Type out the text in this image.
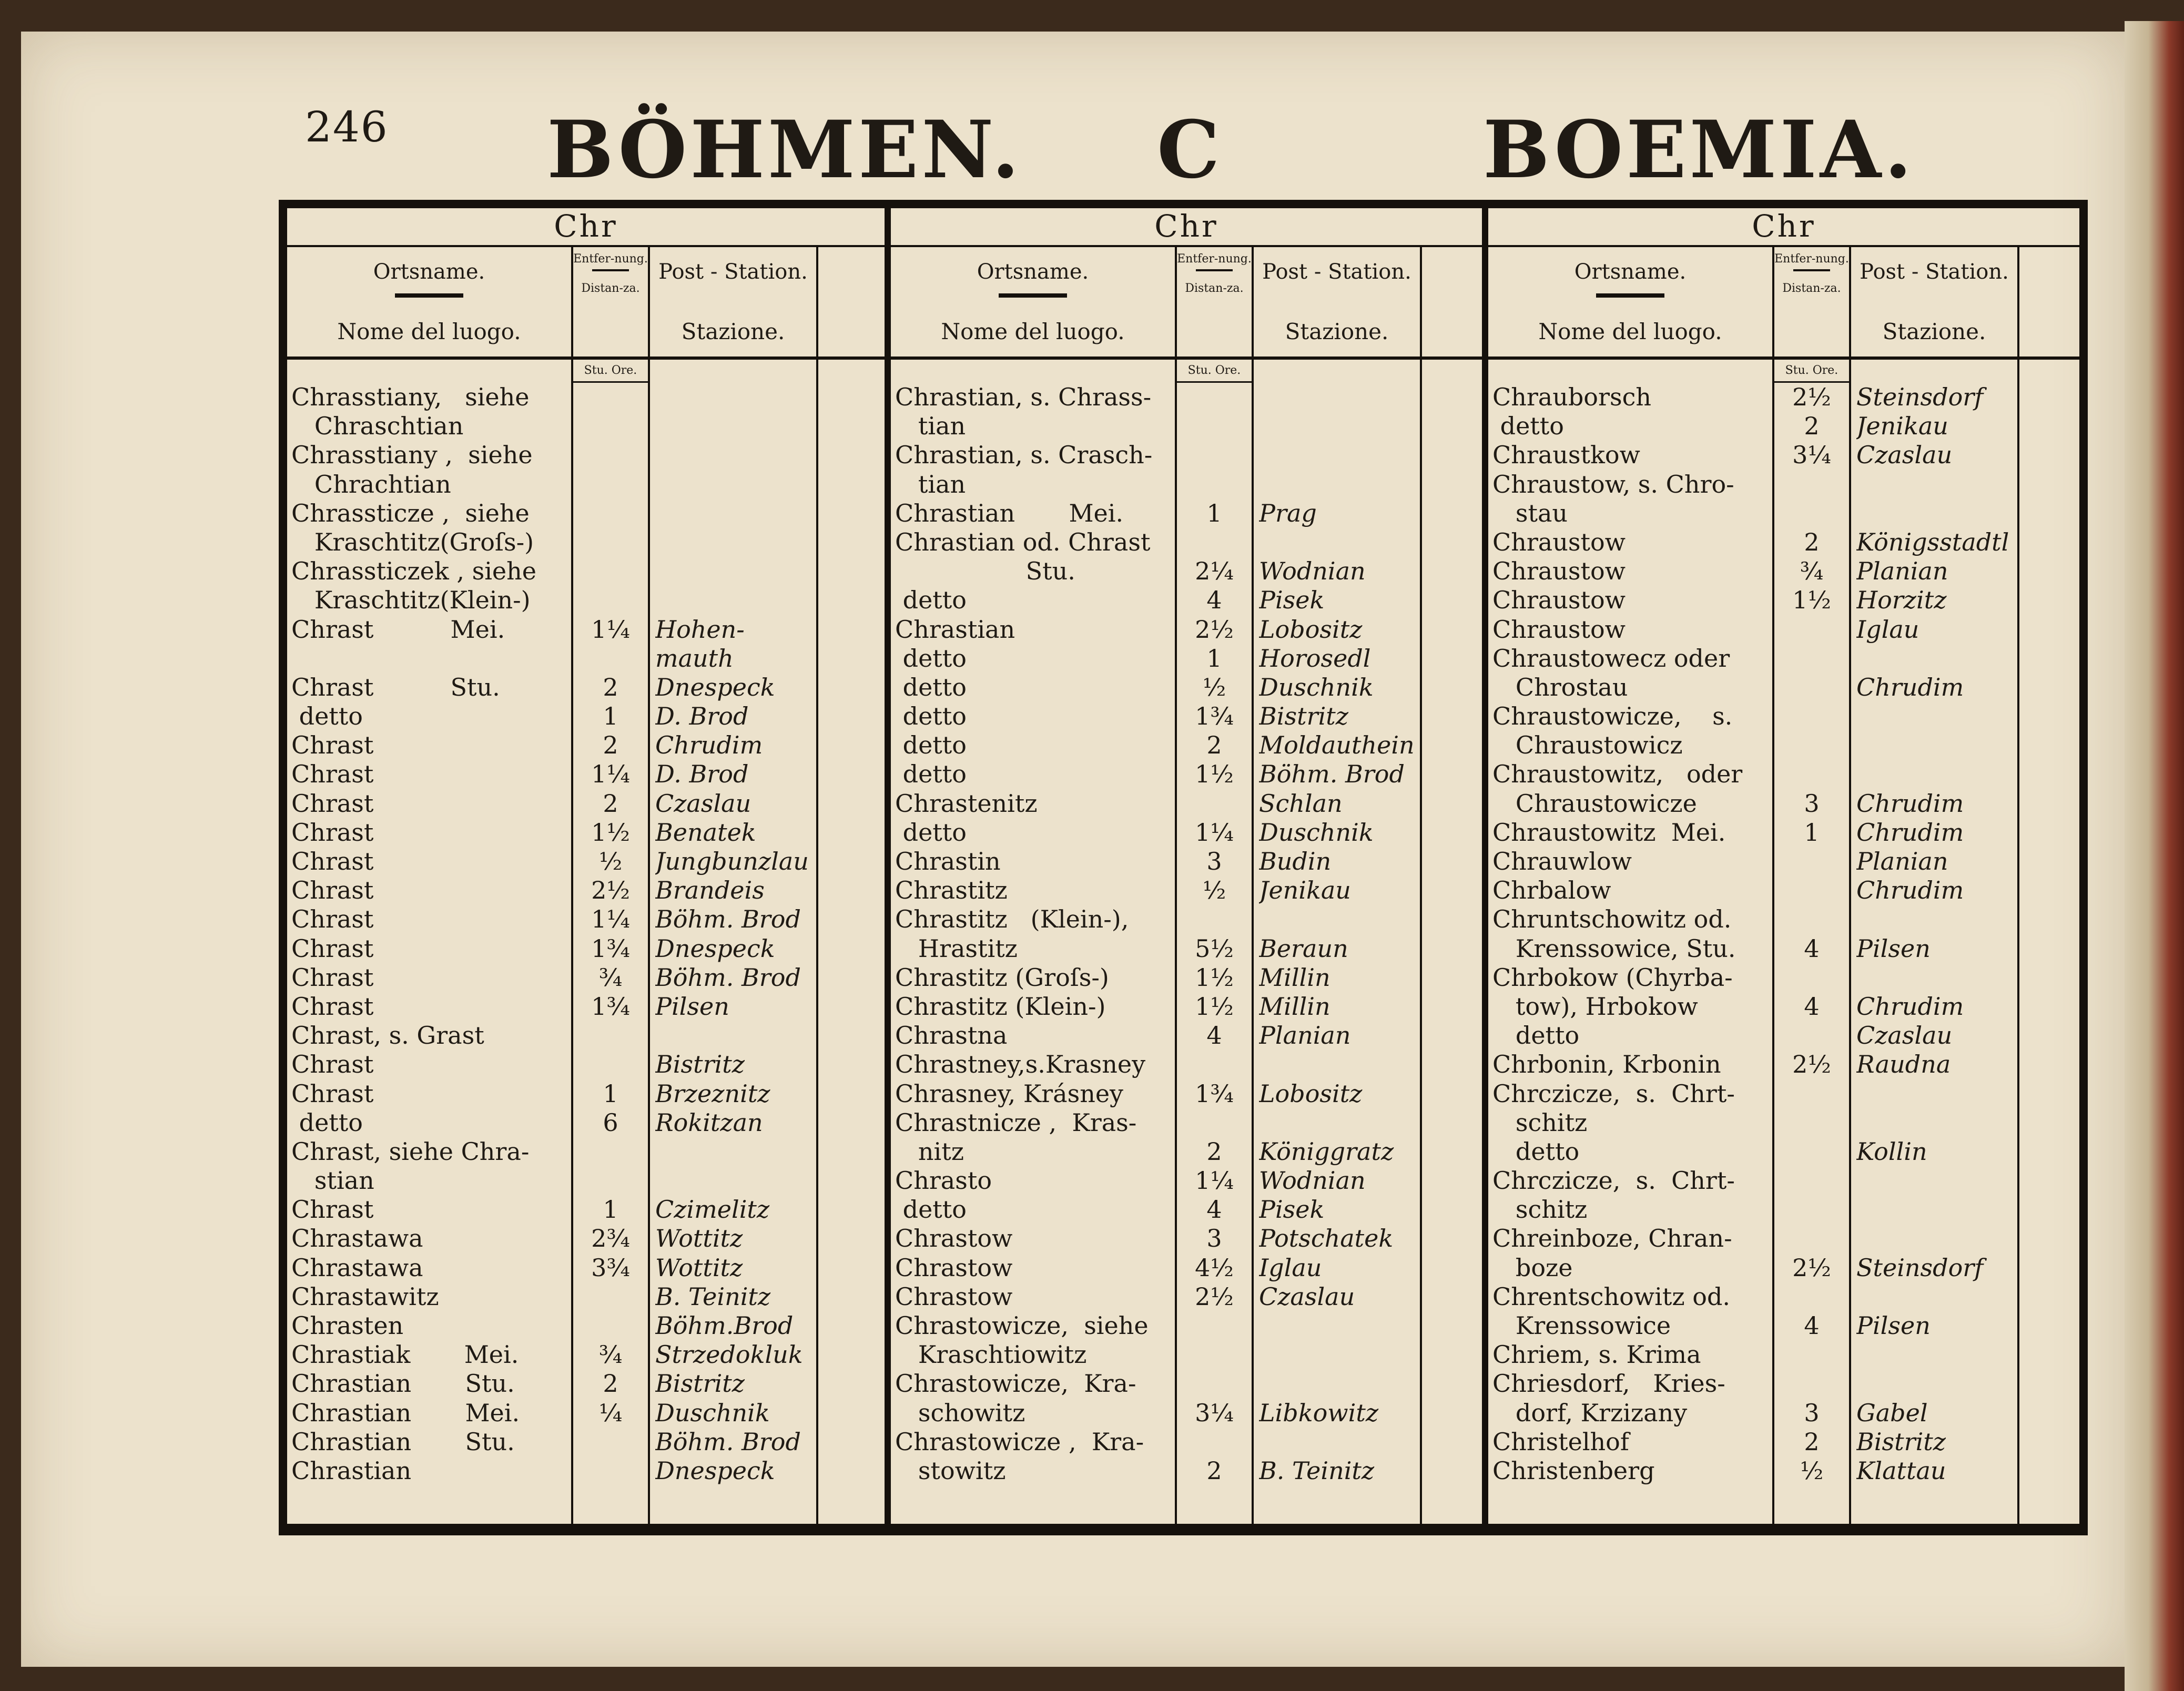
246 BÖHMEN. C	BOEMIA.
Chr
Ortsname.
Nome del luogo.
Entfer-nung.
Distan-za.
Post - Station.
Stazione.
Stu. Ore.
Chrasstiany,   siehe
Chraschtian
Chrasstiany ,  siehe
Chrachtian
Chrassticze ,  siehe
Kraschtitz(Groſs-)
Chrassticzek , siehe
Kraschtitz(Klein-)
Chrast          Mei.	1¼	Hohen-
mauth
Chrast          Stu.	2	Dnespeck
detto	1	D. Brod
Chrast	2	Chrudim
Chrast	1¼	D. Brod
Chrast	2	Czaslau
Chrast	1½	Benatek
Chrast	½	Jungbunzlau
Chrast	2½	Brandeis
Chrast	1¼	Böhm. Brod
Chrast	1¾	Dnespeck
Chrast	¾	Böhm. Brod
Chrast	1¾	Pilsen
Chrast, s. Grast
Chrast	Bistritz
Chrast	1	Brzeznitz
detto	6	Rokitzan
Chrast, siehe Chra-
stian
Chrast	1	Czimelitz
Chrastawa	2¾	Wottitz
Chrastawa	3¾	Wottitz
Chrastawitz	B. Teinitz
Chrasten	Böhm.Brod
Chrastiak       Mei.	¾	Strzedokluk
Chrastian       Stu.	2	Bistritz
Chrastian       Mei.	¼	Duschnik
Chrastian       Stu.	Böhm. Brod
Chrastian	Dnespeck
Chr
Ortsname.
Nome del luogo.
Entfer-nung.
Distan-za.
Post - Station.
Stazione.
Stu. Ore.
Chrastian, s. Chrass-
tian
Chrastian, s. Crasch-
tian
Chrastian       Mei.	1	Prag
Chrastian od. Chrast
Stu.	2¼	Wodnian
detto	4	Pisek
Chrastian	2½	Lobositz
detto	1	Horosedl
detto	½	Duschnik
detto	1¾	Bistritz
detto	2	Moldauthein
detto	1½	Böhm. Brod
Chrastenitz	Schlan
detto	1¼	Duschnik
Chrastin	3	Budin
Chrastitz	½	Jenikau
Chrastitz   (Klein-),
Hrastitz	5½	Beraun
Chrastitz (Groſs-)	1½	Millin
Chrastitz (Klein-)	1½	Millin
Chrastna	4	Planian
Chrastney,s.Krasney
Chrasney, Krásney	1¾	Lobositz
Chrastnicze ,  Kras-
nitz	2	Königgratz
Chrasto	1¼	Wodnian
detto	4	Pisek
Chrastow	3	Potschatek
Chrastow	4½	Iglau
Chrastow	2½	Czaslau
Chrastowicze,  siehe
Kraschtiowitz
Chrastowicze,  Kra-
schowitz	3¼	Libkowitz
Chrastowicze ,  Kra-
stowitz	2	B. Teinitz
Chr
Ortsname.
Nome del luogo.
Entfer-nung.
Distan-za.
Post - Station.
Stazione.
Stu. Ore.
Chrauborsch	2½	Steinsdorf
detto	2	Jenikau
Chraustkow	3¼	Czaslau
Chraustow, s. Chro-
stau
Chraustow	2	Königsstadtl
Chraustow	¾	Planian
Chraustow	1½	Horzitz
Chraustow	Iglau
Chraustowecz oder
Chrostau	Chrudim
Chraustowicze,    s.
Chraustowicz
Chraustowitz,   oder
Chraustowicze	3	Chrudim
Chraustowitz  Mei.	1	Chrudim
Chrauwlow	Planian
Chrbalow	Chrudim
Chruntschowitz od.
Krenssowice, Stu.	4	Pilsen
Chrbokow (Chyrba-
tow), Hrbokow	4	Chrudim
detto	Czaslau
Chrbonin, Krbonin	2½	Raudna
Chrczicze,  s.  Chrt-
schitz
detto	Kollin
Chrczicze,  s.  Chrt-
schitz
Chreinboze, Chran-
boze	2½	Steinsdorf
Chrentschowitz od.
Krenssowice	4	Pilsen
Chriem, s. Krima
Chriesdorf,   Kries-
dorf, Krzizany	3	Gabel
Christelhof	2	Bistritz
Christenberg	½	Klattau
